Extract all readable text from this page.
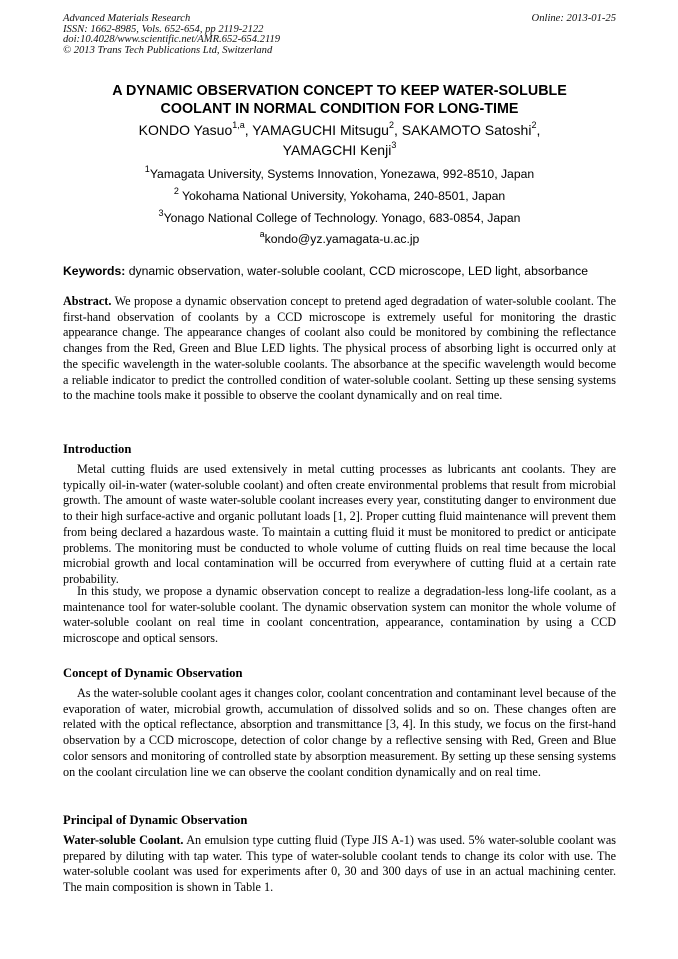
Advanced Materials Research
ISSN: 1662-8985, Vols. 652-654, pp 2119-2122
doi:10.4028/www.scientific.net/AMR.652-654.2119
© 2013 Trans Tech Publications Ltd, Switzerland
Online: 2013-01-25
A DYNAMIC OBSERVATION CONCEPT TO KEEP WATER-SOLUBLE
COOLANT IN NORMAL CONDITION FOR LONG-TIME
KONDO Yasuo$^{1,a}$, YAMAGUCHI Mitsugu$^2$, SAKAMOTO Satoshi$^2$,
YAMAGCHI Kenji$^3$
$^1$Yamagata University, Systems Innovation, Yonezawa, 992-8510, Japan
$^2$ Yokohama National University, Yokohama, 240-8501, Japan
$^3$Yonago National College of Technology. Yonago, 683-0854, Japan
$^a$kondo@yz.yamagata-u.ac.jp
Keywords: dynamic observation, water-soluble coolant, CCD microscope, LED light, absorbance
Abstract. We propose a dynamic observation concept to pretend aged degradation of water-soluble coolant. The first-hand observation of coolants by a CCD microscope is extremely useful for monitoring the drastic appearance change. The appearance changes of coolant also could be monitored by combining the reflectance changes from the Red, Green and Blue LED lights. The physical process of absorbing light is occurred only at the specific wavelength in the water-soluble coolants. The absorbance at the specific wavelength would become a reliable indicator to predict the controlled condition of water-soluble coolant. Setting up these sensing systems to the machine tools make it possible to observe the coolant dynamically and on real time.
Introduction
Metal cutting fluids are used extensively in metal cutting processes as lubricants ant coolants. They are typically oil-in-water (water-soluble coolant) and often create environmental problems that result from microbial growth. The amount of waste water-soluble coolant increases every year, constituting danger to environment due to their high surface-active and organic pollutant loads [1, 2]. Proper cutting fluid maintenance will prevent them from being declared a hazardous waste. To maintain a cutting fluid it must be monitored to predict or anticipate problems. The monitoring must be conducted to whole volume of cutting fluids on real time because the local microbial growth and local contamination will be occurred from everywhere of cutting fluid at a certain rate probability.
In this study, we propose a dynamic observation concept to realize a degradation-less long-life coolant, as a maintenance tool for water-soluble coolant. The dynamic observation system can monitor the whole volume of water-soluble coolant on real time in coolant concentration, appearance, contamination by using a CCD microscope and optical sensors.
Concept of Dynamic Observation
As the water-soluble coolant ages it changes color, coolant concentration and contaminant level because of the evaporation of water, microbial growth, accumulation of dissolved solids and so on. These changes often are related with the optical reflectance, absorption and transmittance [3, 4]. In this study, we focus on the first-hand observation by a CCD microscope, detection of color change by a reflective sensing with Red, Green and Blue color sensors and monitoring of controlled state by absorption measurement. By setting up these sensing systems on the coolant circulation line we can observe the coolant condition dynamically and on real time.
Principal of Dynamic Observation
Water-soluble Coolant. An emulsion type cutting fluid (Type JIS A-1) was used. 5% water-soluble coolant was prepared by diluting with tap water. This type of water-soluble coolant tends to change its color with use. The water-soluble coolant was used for experiments after 0, 30 and 300 days of use in an actual machining center. The main composition is shown in Table 1.
